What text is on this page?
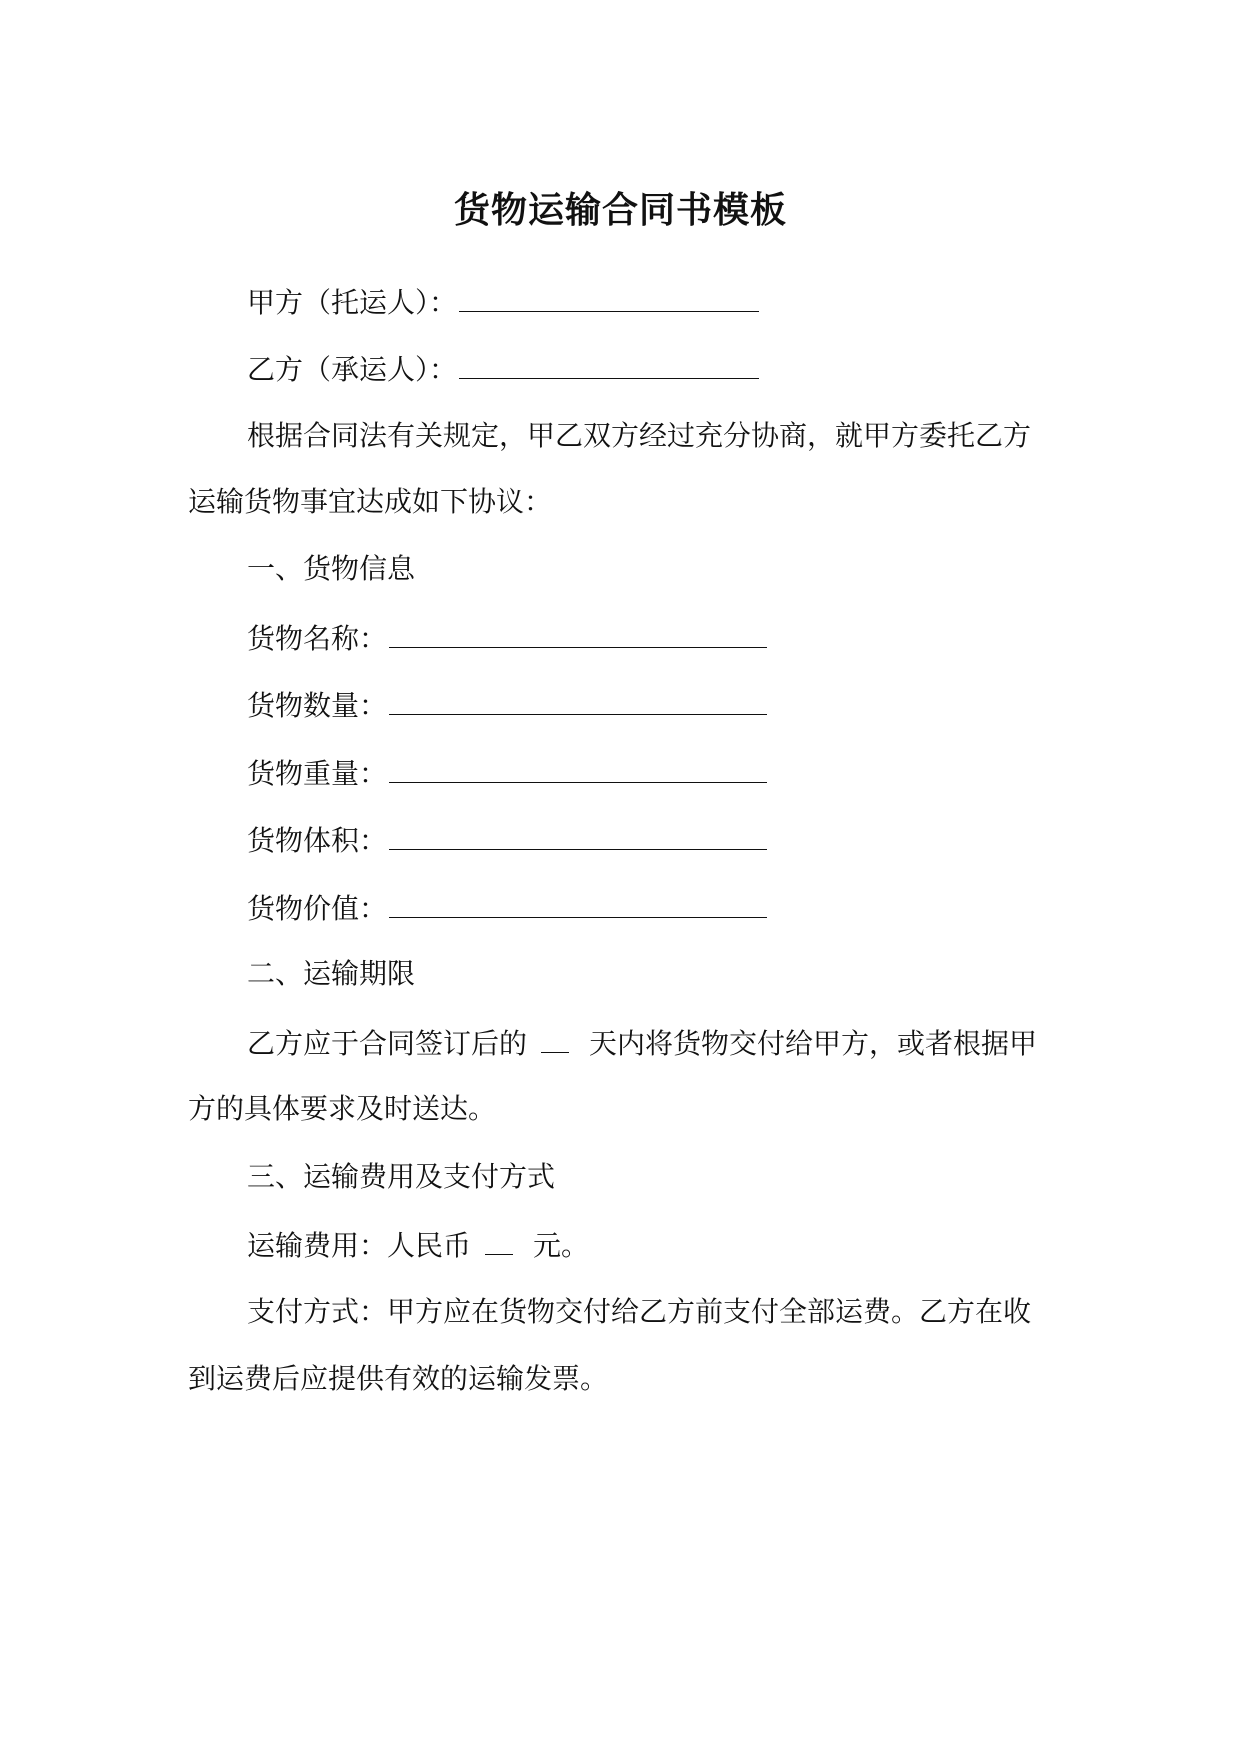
货物运输合同书模板
甲方（托运人）：
乙方（承运人）：
根据合同法有关规定，甲乙双方经过充分协商，就甲方委托乙方
运输货物事宜达成如下协议：
一、货物信息
货物名称：
货物数量：
货物重量：
货物体积：
货物价值：
二、运输期限
乙方应于合同签订后的 天内将货物交付给甲方，或者根据甲
方的具体要求及时送达。
三、运输费用及支付方式
运输费用：人民币 元。
支付方式：甲方应在货物交付给乙方前支付全部运费。乙方在收
到运费后应提供有效的运输发票。
